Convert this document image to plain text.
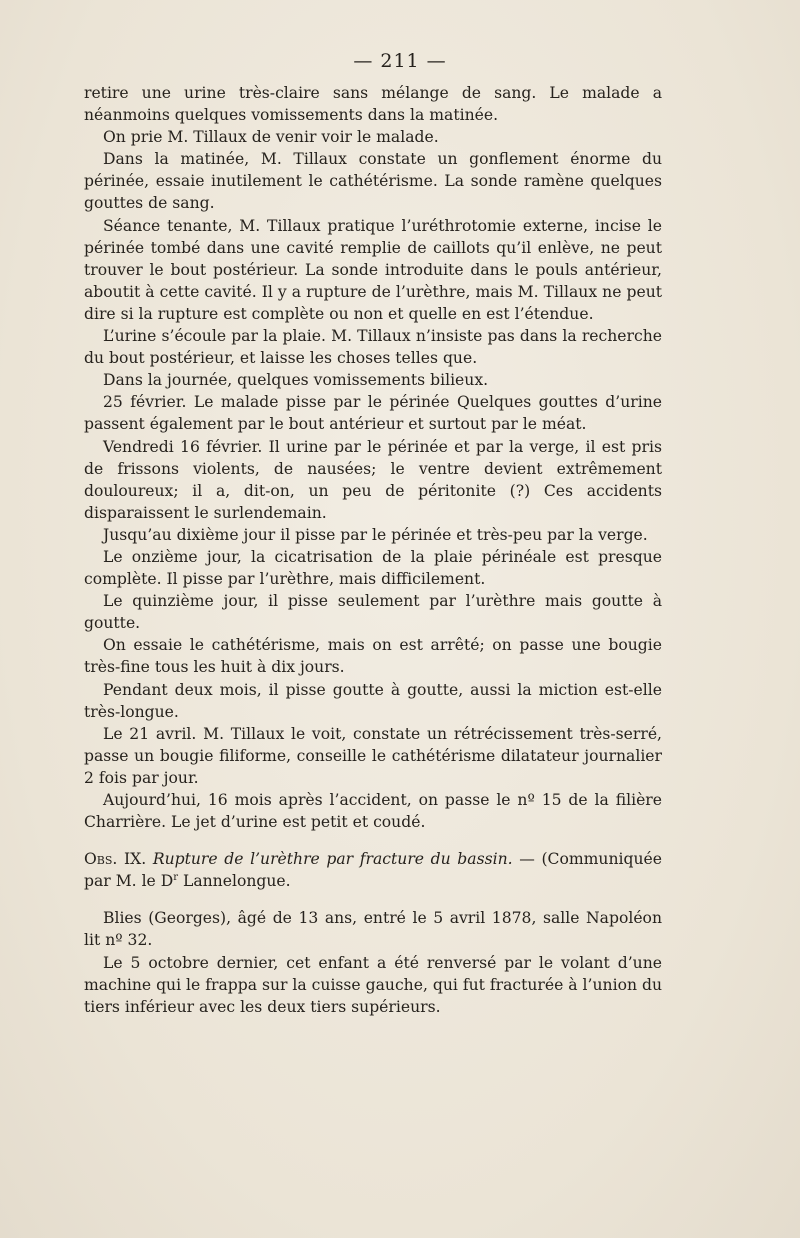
— 211 —

retire une urine très-claire sans mélange de sang. Le malade a néanmoins quelques vomissements dans la matinée.

On prie M. Tillaux de venir voir le malade.

Dans la matinée, M. Tillaux constate un gonflement énorme du périnée, essaie inutilement le cathétérisme. La sonde ramène quelques gouttes de sang.

Séance tenante, M. Tillaux pratique l’uréthrotomie externe, incise le périnée tombé dans une cavité remplie de caillots qu’il enlève, ne peut trouver le bout postérieur. La sonde introduite dans le pouls antérieur, aboutit à cette cavité. Il y a rupture de l’urèthre, mais M. Tillaux ne peut dire si la rupture est complète ou non et quelle en est l’étendue.

L’urine s’écoule par la plaie. M. Tillaux n’insiste pas dans la recherche du bout postérieur, et laisse les choses telles que.

Dans la journée, quelques vomissements bilieux.

25 février. Le malade pisse par le périnée Quelques gouttes d’urine passent également par le bout antérieur et surtout par le méat.

Vendredi 16 février. Il urine par le périnée et par la verge, il est pris de frissons violents, de nausées; le ventre devient extrêmement douloureux; il a, dit-on, un peu de péritonite (?) Ces accidents disparaissent le surlendemain.

Jusqu’au dixième jour il pisse par le périnée et très-peu par la verge.

Le onzième jour, la cicatrisation de la plaie périnéale est presque complète. Il pisse par l’urèthre, mais difficilement.

Le quinzième jour, il pisse seulement par l’urèthre mais goutte à goutte.

On essaie le cathétérisme, mais on est arrêté; on passe une bougie très-fine tous les huit à dix jours.

Pendant deux mois, il pisse goutte à goutte, aussi la miction est-elle très-longue.

Le 21 avril. M. Tillaux le voit, constate un rétrécissement très-serré, passe un bougie filiforme, conseille le cathétérisme dilatateur journalier 2 fois par jour.

Aujourd’hui, 16 mois après l’accident, on passe le nº 15 de la filière Charrière. Le jet d’urine est petit et coudé.

Obs. IX. Rupture de l’urèthre par fracture du bassin. — (Communiquée par M. le $D^r$ Lannelongue.

Blies (Georges), âgé de 13 ans, entré le 5 avril 1878, salle Napoléon lit nº 32.

Le 5 octobre dernier, cet enfant a été renversé par le volant d’une machine qui le frappa sur la cuisse gauche, qui fut fracturée à l’union du tiers inférieur avec les deux tiers supérieurs.
